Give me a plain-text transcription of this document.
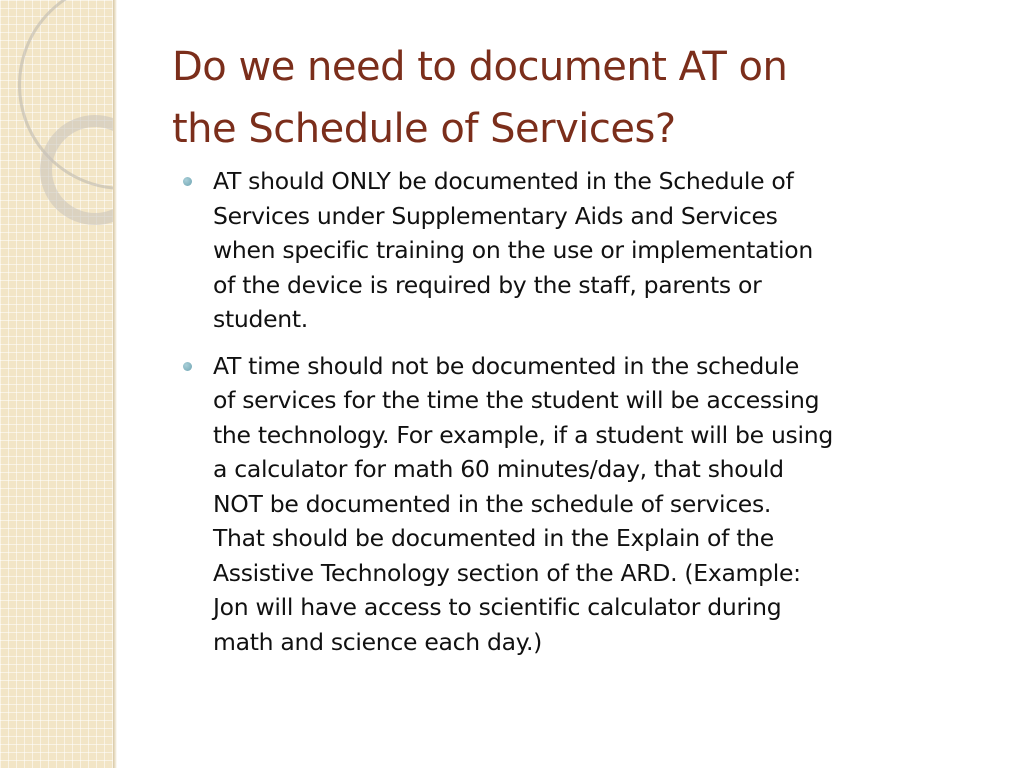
Do we need to document AT on
the Schedule of Services?
AT should ONLY be documented in the Schedule of
Services under Supplementary Aids and Services
when specific training on the use or implementation
of the device is required by the staff, parents or
student.
AT time should not be documented in the schedule
of services for the time the student will be accessing
the technology. For example, if a student will be using
a calculator for math 60 minutes/day, that should
NOT be documented in the schedule of services.
That should be documented in the Explain of the
Assistive Technology section of the ARD. (Example:
Jon will have access to scientific calculator during
math and science each day.)
